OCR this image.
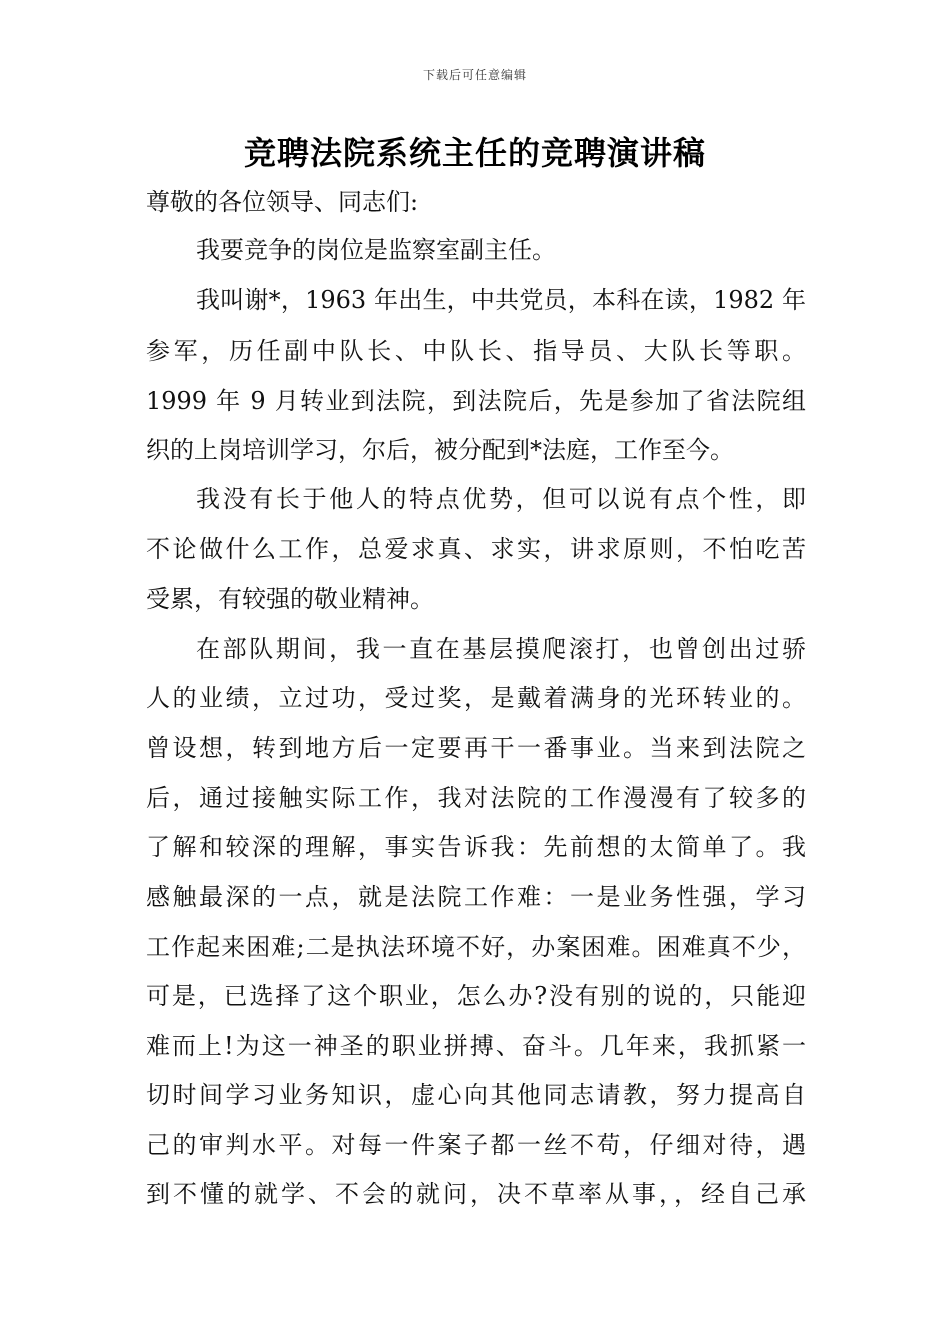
下载后可任意编辑
竞聘法院系统主任的竞聘演讲稿
尊敬的各位领导、同志们:
我要竞争的岗位是监察室副主任。
我叫谢*，1963 年出生，中共党员，本科在读，1982 年
参军，历任副中队长、中队长、指导员、大队长等职。
1999 年 9 月转业到法院，到法院后，先是参加了省法院组
织的上岗培训学习，尔后，被分配到*法庭，工作至今。
我没有长于他人的特点优势，但可以说有点个性，即
不论做什么工作，总爱求真、求实，讲求原则，不怕吃苦
受累，有较强的敬业精神。
在部队期间，我一直在基层摸爬滚打，也曾创出过骄
人的业绩，立过功，受过奖，是戴着满身的光环转业的。
曾设想，转到地方后一定要再干一番事业。当来到法院之
后，通过接触实际工作，我对法院的工作漫漫有了较多的
了解和较深的理解，事实告诉我：先前想的太简单了。我
感触最深的一点，就是法院工作难：一是业务性强，学习
工作起来困难;二是执法环境不好，办案困难。困难真不少，
可是，已选择了这个职业，怎么办?没有别的说的，只能迎
难而上!为这一神圣的职业拼搏、奋斗。几年来，我抓紧一
切时间学习业务知识，虚心向其他同志请教，努力提高自
己的审判水平。对每一件案子都一丝不苟，仔细对待，遇
到不懂的就学、不会的就问，决不草率从事，，经自己承
